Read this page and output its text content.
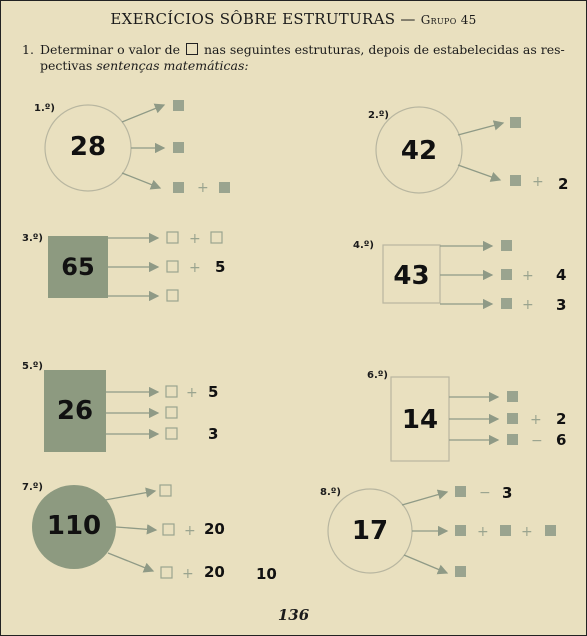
EXERCÍCIOS SÔBRE ESTRUTURAS — Grupo 45
1. Determinar o valor de nas seguintes estruturas, depois de estabelecidas as res-
pectivas sentenças matemáticas:
+	+
+
+	+
+
+
+
−
+
+
−
+ +
1.º)
2.º)
3.º)
4.º)
5.º)
6.º)
7.º)	8.º)
28	42
65	43
26	14
110	17
2
5	4
3
5
3
2
6
20
20 10
3
136
